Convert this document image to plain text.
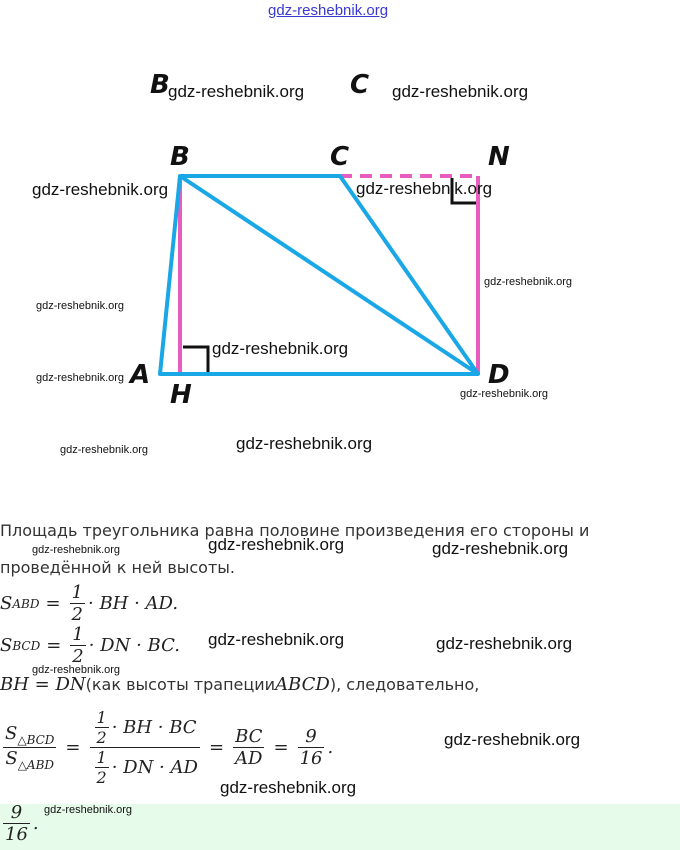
gdz-reshebnik.org
B
gdz-reshebnik.org C gdz-reshebnik.org
B	C	N
A
H
D
gdz-reshebnik.org	gdz-reshebnik.org
gdz-reshebnik.org
gdz-reshebnik.org
gdz-reshebnik.org
gdz-reshebnik.org
gdz-reshebnik.org
gdz-reshebnik.org	gdz-reshebnik.org
Площадь треугольника равна половине произведения его стороны и
проведённой к ней высоты.
gdz-reshebnik.org	gdz-reshebnik.org	gdz-reshebnik.org
S ABD = $\frac{1}{2}$ · BH · AD.
S BCD = $\frac{1}{2}$ · DN · BC. gdz-reshebnik.org	gdz-reshebnik.org
gdz-reshebnik.org
BH = DN (как высоты трапеции ABCD ), следовательно,
$\frac{S_{\triangle BCD}}{S_{\triangle ABD}} = \frac{\frac{1}{2} \cdot BH \cdot BC}{\frac{1}{2} \cdot DN \cdot AD} = \frac{BC}{AD} = \frac{9}{16}$ .	gdz-reshebnik.org
gdz-reshebnik.org
$\frac{9}{16}$ .
gdz-reshebnik.org
